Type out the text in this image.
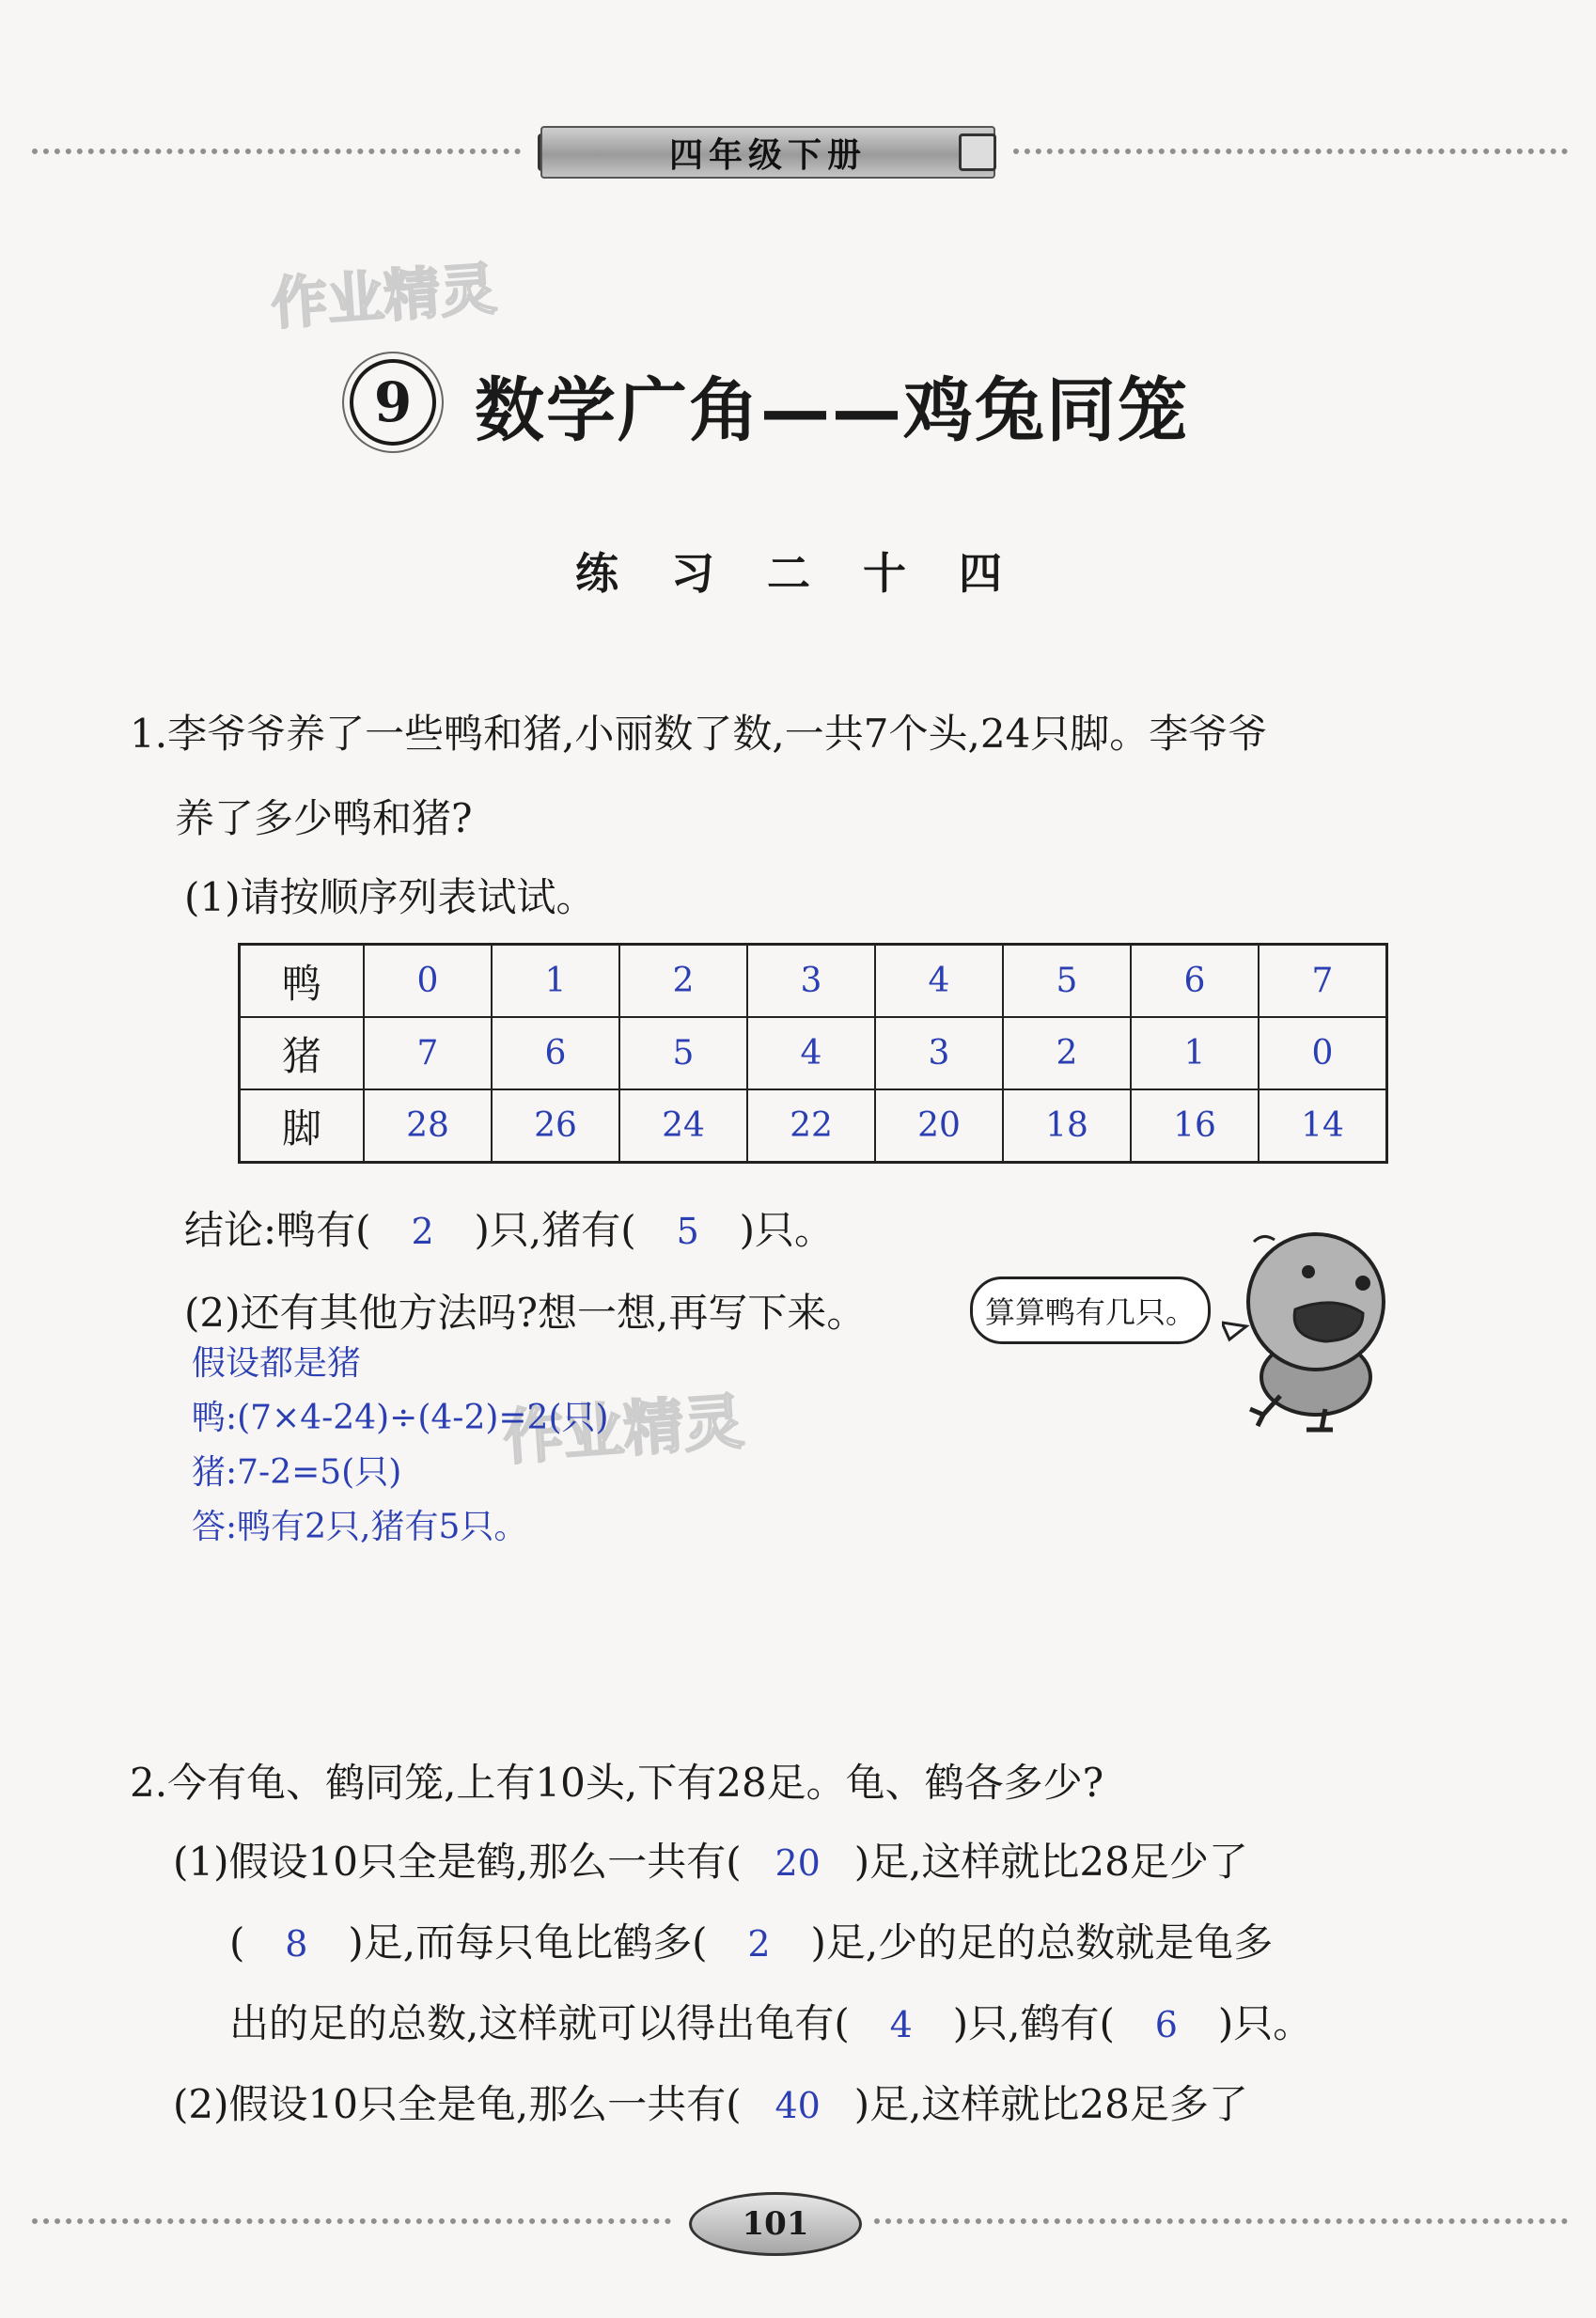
四年级下册
作业精灵
作业精灵
9 数学广角——鸡兔同笼
练 习 二 十 四
1.李爷爷养了一些鸭和猪,小丽数了数,一共7个头,24只脚。李爷爷
养了多少鸭和猪?
(1)请按顺序列表试试。
鸭	0	1	2	3	4	5	6	7
猪	7	6	5	4	3	2	1	0
脚	28	26	24	22	20	18	16	14
结论:鸭有( 2 )只,猪有( 5 )只。
(2)还有其他方法吗?想一想,再写下来。	算算鸭有几只。
假设都是猪
鸭:(7×4-24)÷(4-2)=2(只)
猪:7-2=5(只)
答:鸭有2只,猪有5只。
2.今有龟、鹤同笼,上有10头,下有28足。龟、鹤各多少?
(1)假设10只全是鹤,那么一共有( 20 )足,这样就比28足少了
( 8 )足,而每只龟比鹤多( 2 )足,少的足的总数就是龟多
出的足的总数,这样就可以得出龟有( 4 )只,鹤有( 6 )只。
(2)假设10只全是龟,那么一共有( 40 )足,这样就比28足多了
101
